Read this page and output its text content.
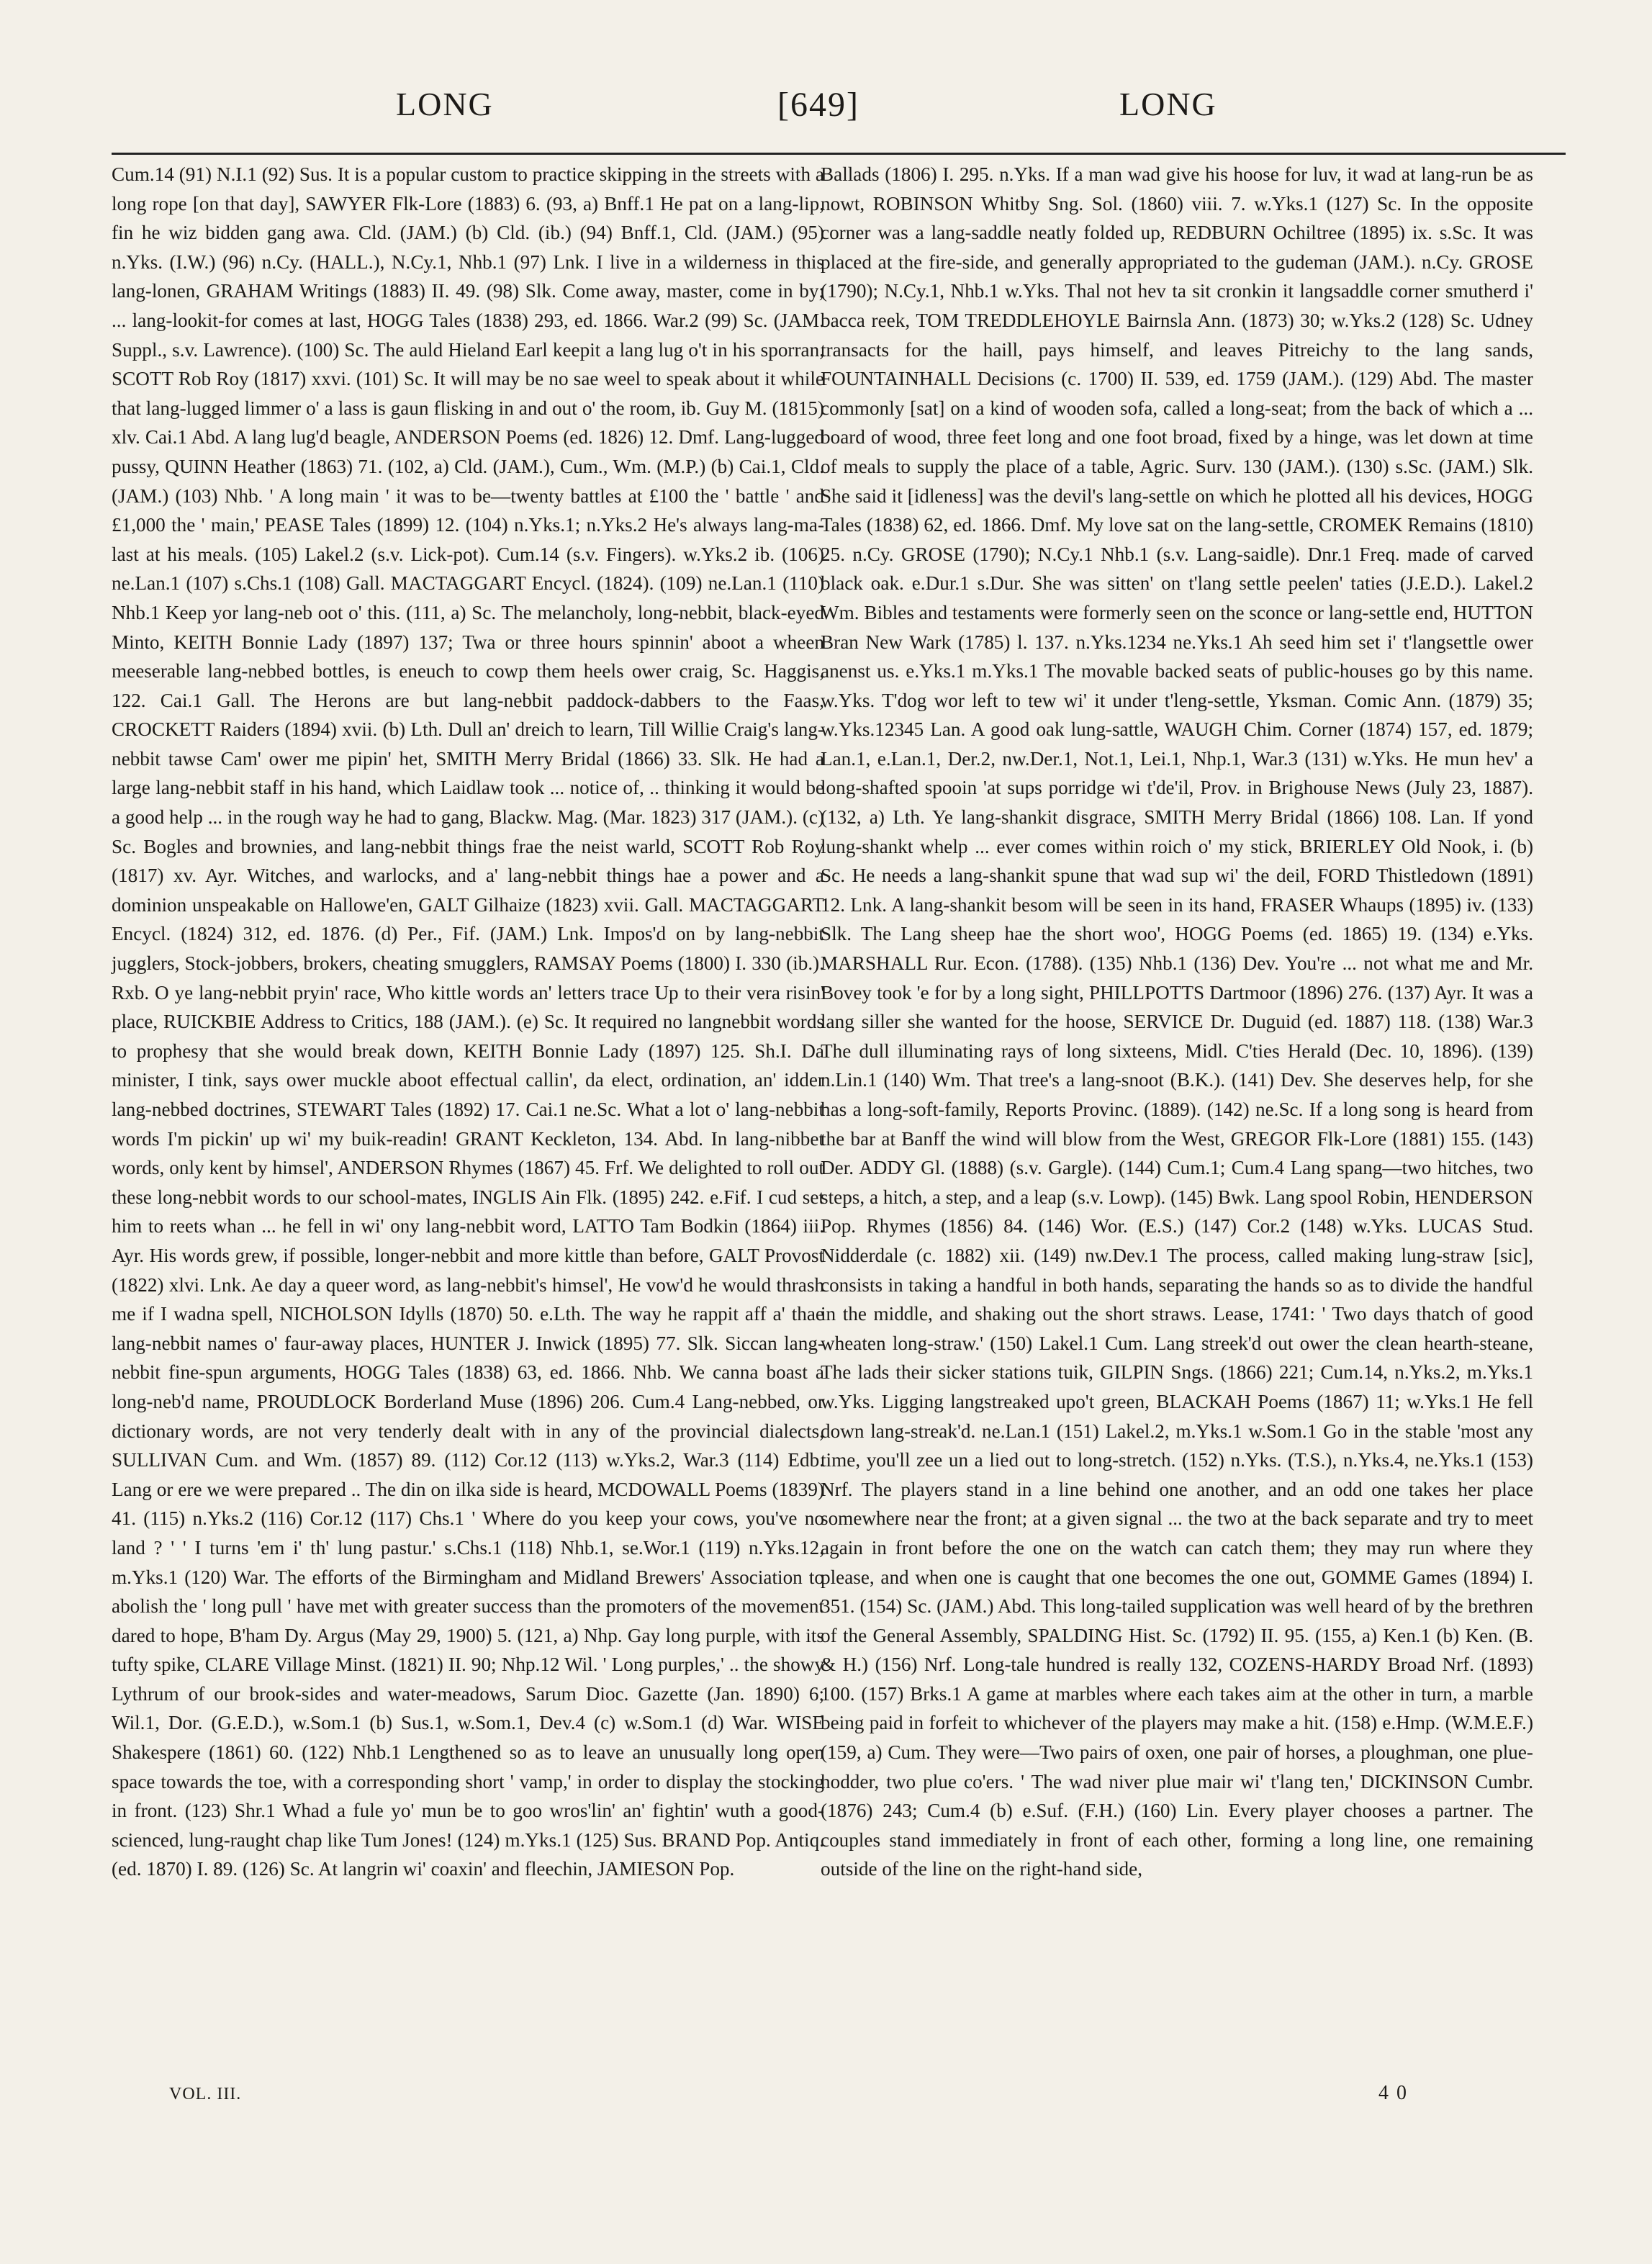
LONG	[649]	LONG

Cum.14 (91) N.I.1 (92) Sus. It is a popular custom to practice skipping in the streets with a long rope [on that day], SAWYER Flk-Lore (1883) 6. (93, a) Bnff.1 He pat on a lang-lip, fin he wiz bidden gang awa. Cld. (JAM.) (b) Cld. (ib.) (94) Bnff.1, Cld. (JAM.) (95) n.Yks. (I.W.) (96) n.Cy. (HALL.), N.Cy.1, Nhb.1 (97) Lnk. I live in a wilderness in this lang-lonen, GRAHAM Writings (1883) II. 49. (98) Slk. Come away, master, come in by; ... lang-lookit-for comes at last, HOGG Tales (1838) 293, ed. 1866. War.2 (99) Sc. (JAM. Suppl., s.v. Lawrence). (100) Sc. The auld Hieland Earl keepit a lang lug o't in his sporran, SCOTT Rob Roy (1817) xxvi. (101) Sc. It will may be no sae weel to speak about it while that lang-lugged limmer o' a lass is gaun flisking in and out o' the room, ib. Guy M. (1815) xlv. Cai.1 Abd. A lang lug'd beagle, ANDERSON Poems (ed. 1826) 12. Dmf. Lang-lugged pussy, QUINN Heather (1863) 71. (102, a) Cld. (JAM.), Cum., Wm. (M.P.) (b) Cai.1, Cld. (JAM.) (103) Nhb. ' A long main ' it was to be—twenty battles at £100 the ' battle ' and £1,000 the ' main,' PEASE Tales (1899) 12. (104) n.Yks.1; n.Yks.2 He's always lang-ma-last at his meals. (105) Lakel.2 (s.v. Lick-pot). Cum.14 (s.v. Fingers). w.Yks.2 ib. (106) ne.Lan.1 (107) s.Chs.1 (108) Gall. MACTAGGART Encycl. (1824). (109) ne.Lan.1 (110) Nhb.1 Keep yor lang-neb oot o' this. (111, a) Sc. The melancholy, long-nebbit, black-eyed Minto, KEITH Bonnie Lady (1897) 137; Twa or three hours spinnin' aboot a wheen meeserable lang-nebbed bottles, is eneuch to cowp them heels ower craig, Sc. Haggis, 122. Cai.1 Gall. The Herons are but lang-nebbit paddock-dabbers to the Faas, CROCKETT Raiders (1894) xvii. (b) Lth. Dull an' dreich to learn, Till Willie Craig's lang-nebbit tawse Cam' ower me pipin' het, SMITH Merry Bridal (1866) 33. Slk. He had a large lang-nebbit staff in his hand, which Laidlaw took ... notice of, .. thinking it would be a good help ... in the rough way he had to gang, Blackw. Mag. (Mar. 1823) 317 (JAM.). (c) Sc. Bogles and brownies, and lang-nebbit things frae the neist warld, SCOTT Rob Roy (1817) xv. Ayr. Witches, and warlocks, and a' lang-nebbit things hae a power and a dominion unspeakable on Hallowe'en, GALT Gilhaize (1823) xvii. Gall. MACTAGGART Encycl. (1824) 312, ed. 1876. (d) Per., Fif. (JAM.) Lnk. Impos'd on by lang-nebbit jugglers, Stock-jobbers, brokers, cheating smugglers, RAMSAY Poems (1800) I. 330 (ib.). Rxb. O ye lang-nebbit pryin' race, Who kittle words an' letters trace Up to their vera risin' place, RUICKBIE Address to Critics, 188 (JAM.). (e) Sc. It required no langnebbit words to prophesy that she would break down, KEITH Bonnie Lady (1897) 125. Sh.I. Da minister, I tink, says ower muckle aboot effectual callin', da elect, ordination, an' idder lang-nebbed doctrines, STEWART Tales (1892) 17. Cai.1 ne.Sc. What a lot o' lang-nebbit words I'm pickin' up wi' my buik-readin! GRANT Keckleton, 134. Abd. In lang-nibbet words, only kent by himsel', ANDERSON Rhymes (1867) 45. Frf. We delighted to roll out these long-nebbit words to our school-mates, INGLIS Ain Flk. (1895) 242. e.Fif. I cud set him to reets whan ... he fell in wi' ony lang-nebbit word, LATTO Tam Bodkin (1864) iii. Ayr. His words grew, if possible, longer-nebbit and more kittle than before, GALT Provost (1822) xlvi. Lnk. Ae day a queer word, as lang-nebbit's himsel', He vow'd he would thrash me if I wadna spell, NICHOLSON Idylls (1870) 50. e.Lth. The way he rappit aff a' thae lang-nebbit names o' faur-away places, HUNTER J. Inwick (1895) 77. Slk. Siccan lang-nebbit fine-spun arguments, HOGG Tales (1838) 63, ed. 1866. Nhb. We canna boast a long-neb'd name, PROUDLOCK Borderland Muse (1896) 206. Cum.4 Lang-nebbed, or dictionary words, are not very tenderly dealt with in any of the provincial dialects, SULLIVAN Cum. and Wm. (1857) 89. (112) Cor.12 (113) w.Yks.2, War.3 (114) Edb. Lang or ere we were prepared .. The din on ilka side is heard, MCDOWALL Poems (1839) 41. (115) n.Yks.2 (116) Cor.12 (117) Chs.1 ' Where do you keep your cows, you've no land ? ' ' I turns 'em i' th' lung pastur.' s.Chs.1 (118) Nhb.1, se.Wor.1 (119) n.Yks.12, m.Yks.1 (120) War. The efforts of the Birmingham and Midland Brewers' Association to abolish the ' long pull ' have met with greater success than the promoters of the movement dared to hope, B'ham Dy. Argus (May 29, 1900) 5. (121, a) Nhp. Gay long purple, with its tufty spike, CLARE Village Minst. (1821) II. 90; Nhp.12 Wil. ' Long purples,' .. the showy Lythrum of our brook-sides and water-meadows, Sarum Dioc. Gazette (Jan. 1890) 6; Wil.1, Dor. (G.E.D.), w.Som.1 (b) Sus.1, w.Som.1, Dev.4 (c) w.Som.1 (d) War. WISE Shakespere (1861) 60. (122) Nhb.1 Lengthened so as to leave an unusually long open space towards the toe, with a corresponding short ' vamp,' in order to display the stocking in front. (123) Shr.1 Whad a fule yo' mun be to goo wros'lin' an' fightin' wuth a good-scienced, lung-raught chap like Tum Jones! (124) m.Yks.1 (125) Sus. BRAND Pop. Antiq. (ed. 1870) I. 89. (126) Sc. At langrin wi' coaxin' and fleechin, JAMIESON Pop.

Ballads (1806) I. 295. n.Yks. If a man wad give his hoose for luv, it wad at lang-run be as nowt, ROBINSON Whitby Sng. Sol. (1860) viii. 7. w.Yks.1 (127) Sc. In the opposite corner was a lang-saddle neatly folded up, REDBURN Ochiltree (1895) ix. s.Sc. It was placed at the fire-side, and generally appropriated to the gudeman (JAM.). n.Cy. GROSE (1790); N.Cy.1, Nhb.1 w.Yks. Thal not hev ta sit cronkin it langsaddle corner smutherd i' bacca reek, TOM TREDDLEHOYLE Bairnsla Ann. (1873) 30; w.Yks.2 (128) Sc. Udney transacts for the haill, pays himself, and leaves Pitreichy to the lang sands, FOUNTAINHALL Decisions (c. 1700) II. 539, ed. 1759 (JAM.). (129) Abd. The master commonly [sat] on a kind of wooden sofa, called a long-seat; from the back of which a ... board of wood, three feet long and one foot broad, fixed by a hinge, was let down at time of meals to supply the place of a table, Agric. Surv. 130 (JAM.). (130) s.Sc. (JAM.) Slk. She said it [idleness] was the devil's lang-settle on which he plotted all his devices, HOGG Tales (1838) 62, ed. 1866. Dmf. My love sat on the lang-settle, CROMEK Remains (1810) 25. n.Cy. GROSE (1790); N.Cy.1 Nhb.1 (s.v. Lang-saidle). Dnr.1 Freq. made of carved black oak. e.Dur.1 s.Dur. She was sitten' on t'lang settle peelen' taties (J.E.D.). Lakel.2 Wm. Bibles and testaments were formerly seen on the sconce or lang-settle end, HUTTON Bran New Wark (1785) l. 137. n.Yks.1234 ne.Yks.1 Ah seed him set i' t'langsettle ower anenst us. e.Yks.1 m.Yks.1 The movable backed seats of public-houses go by this name. w.Yks. T'dog wor left to tew wi' it under t'leng-settle, Yksman. Comic Ann. (1879) 35; w.Yks.12345 Lan. A good oak lung-sattle, WAUGH Chim. Corner (1874) 157, ed. 1879; Lan.1, e.Lan.1, Der.2, nw.Der.1, Not.1, Lei.1, Nhp.1, War.3 (131) w.Yks. He mun hev' a long-shafted spooin 'at sups porridge wi t'de'il, Prov. in Brighouse News (July 23, 1887). (132, a) Lth. Ye lang-shankit disgrace, SMITH Merry Bridal (1866) 108. Lan. If yond lung-shankt whelp ... ever comes within roich o' my stick, BRIERLEY Old Nook, i. (b) Sc. He needs a lang-shankit spune that wad sup wi' the deil, FORD Thistledown (1891) 12. Lnk. A lang-shankit besom will be seen in its hand, FRASER Whaups (1895) iv. (133) Slk. The Lang sheep hae the short woo', HOGG Poems (ed. 1865) 19. (134) e.Yks. MARSHALL Rur. Econ. (1788). (135) Nhb.1 (136) Dev. You're ... not what me and Mr. Bovey took 'e for by a long sight, PHILLPOTTS Dartmoor (1896) 276. (137) Ayr. It was a lang siller she wanted for the hoose, SERVICE Dr. Duguid (ed. 1887) 118. (138) War.3 The dull illuminating rays of long sixteens, Midl. C'ties Herald (Dec. 10, 1896). (139) n.Lin.1 (140) Wm. That tree's a lang-snoot (B.K.). (141) Dev. She deserves help, for she has a long-soft-family, Reports Provinc. (1889). (142) ne.Sc. If a long song is heard from the bar at Banff the wind will blow from the West, GREGOR Flk-Lore (1881) 155. (143) Der. ADDY Gl. (1888) (s.v. Gargle). (144) Cum.1; Cum.4 Lang spang—two hitches, two steps, a hitch, a step, and a leap (s.v. Lowp). (145) Bwk. Lang spool Robin, HENDERSON Pop. Rhymes (1856) 84. (146) Wor. (E.S.) (147) Cor.2 (148) w.Yks. LUCAS Stud. Nidderdale (c. 1882) xii. (149) nw.Dev.1 The process, called making lung-straw [sic], consists in taking a handful in both hands, separating the hands so as to divide the handful in the middle, and shaking out the short straws. Lease, 1741: ' Two days thatch of good wheaten long-straw.' (150) Lakel.1 Cum. Lang streek'd out ower the clean hearth-steane, The lads their sicker stations tuik, GILPIN Sngs. (1866) 221; Cum.14, n.Yks.2, m.Yks.1 w.Yks. Ligging langstreaked upo't green, BLACKAH Poems (1867) 11; w.Yks.1 He fell down lang-streak'd. ne.Lan.1 (151) Lakel.2, m.Yks.1 w.Som.1 Go in the stable 'most any time, you'll zee un a lied out to long-stretch. (152) n.Yks. (T.S.), n.Yks.4, ne.Yks.1 (153) Nrf. The players stand in a line behind one another, and an odd one takes her place somewhere near the front; at a given signal ... the two at the back separate and try to meet again in front before the one on the watch can catch them; they may run where they please, and when one is caught that one becomes the one out, GOMME Games (1894) I. 351. (154) Sc. (JAM.) Abd. This long-tailed supplication was well heard of by the brethren of the General Assembly, SPALDING Hist. Sc. (1792) II. 95. (155, a) Ken.1 (b) Ken. (B. & H.) (156) Nrf. Long-tale hundred is really 132, COZENS-HARDY Broad Nrf. (1893) 100. (157) Brks.1 A game at marbles where each takes aim at the other in turn, a marble being paid in forfeit to whichever of the players may make a hit. (158) e.Hmp. (W.M.E.F.) (159, a) Cum. They were—Two pairs of oxen, one pair of horses, a ploughman, one plue-hodder, two plue co'ers. ' The wad niver plue mair wi' t'lang ten,' DICKINSON Cumbr. (1876) 243; Cum.4 (b) e.Suf. (F.H.) (160) Lin. Every player chooses a partner. The couples stand immediately in front of each other, forming a long line, one remaining outside of the line on the right-hand side,

VOL. III.	4 0
